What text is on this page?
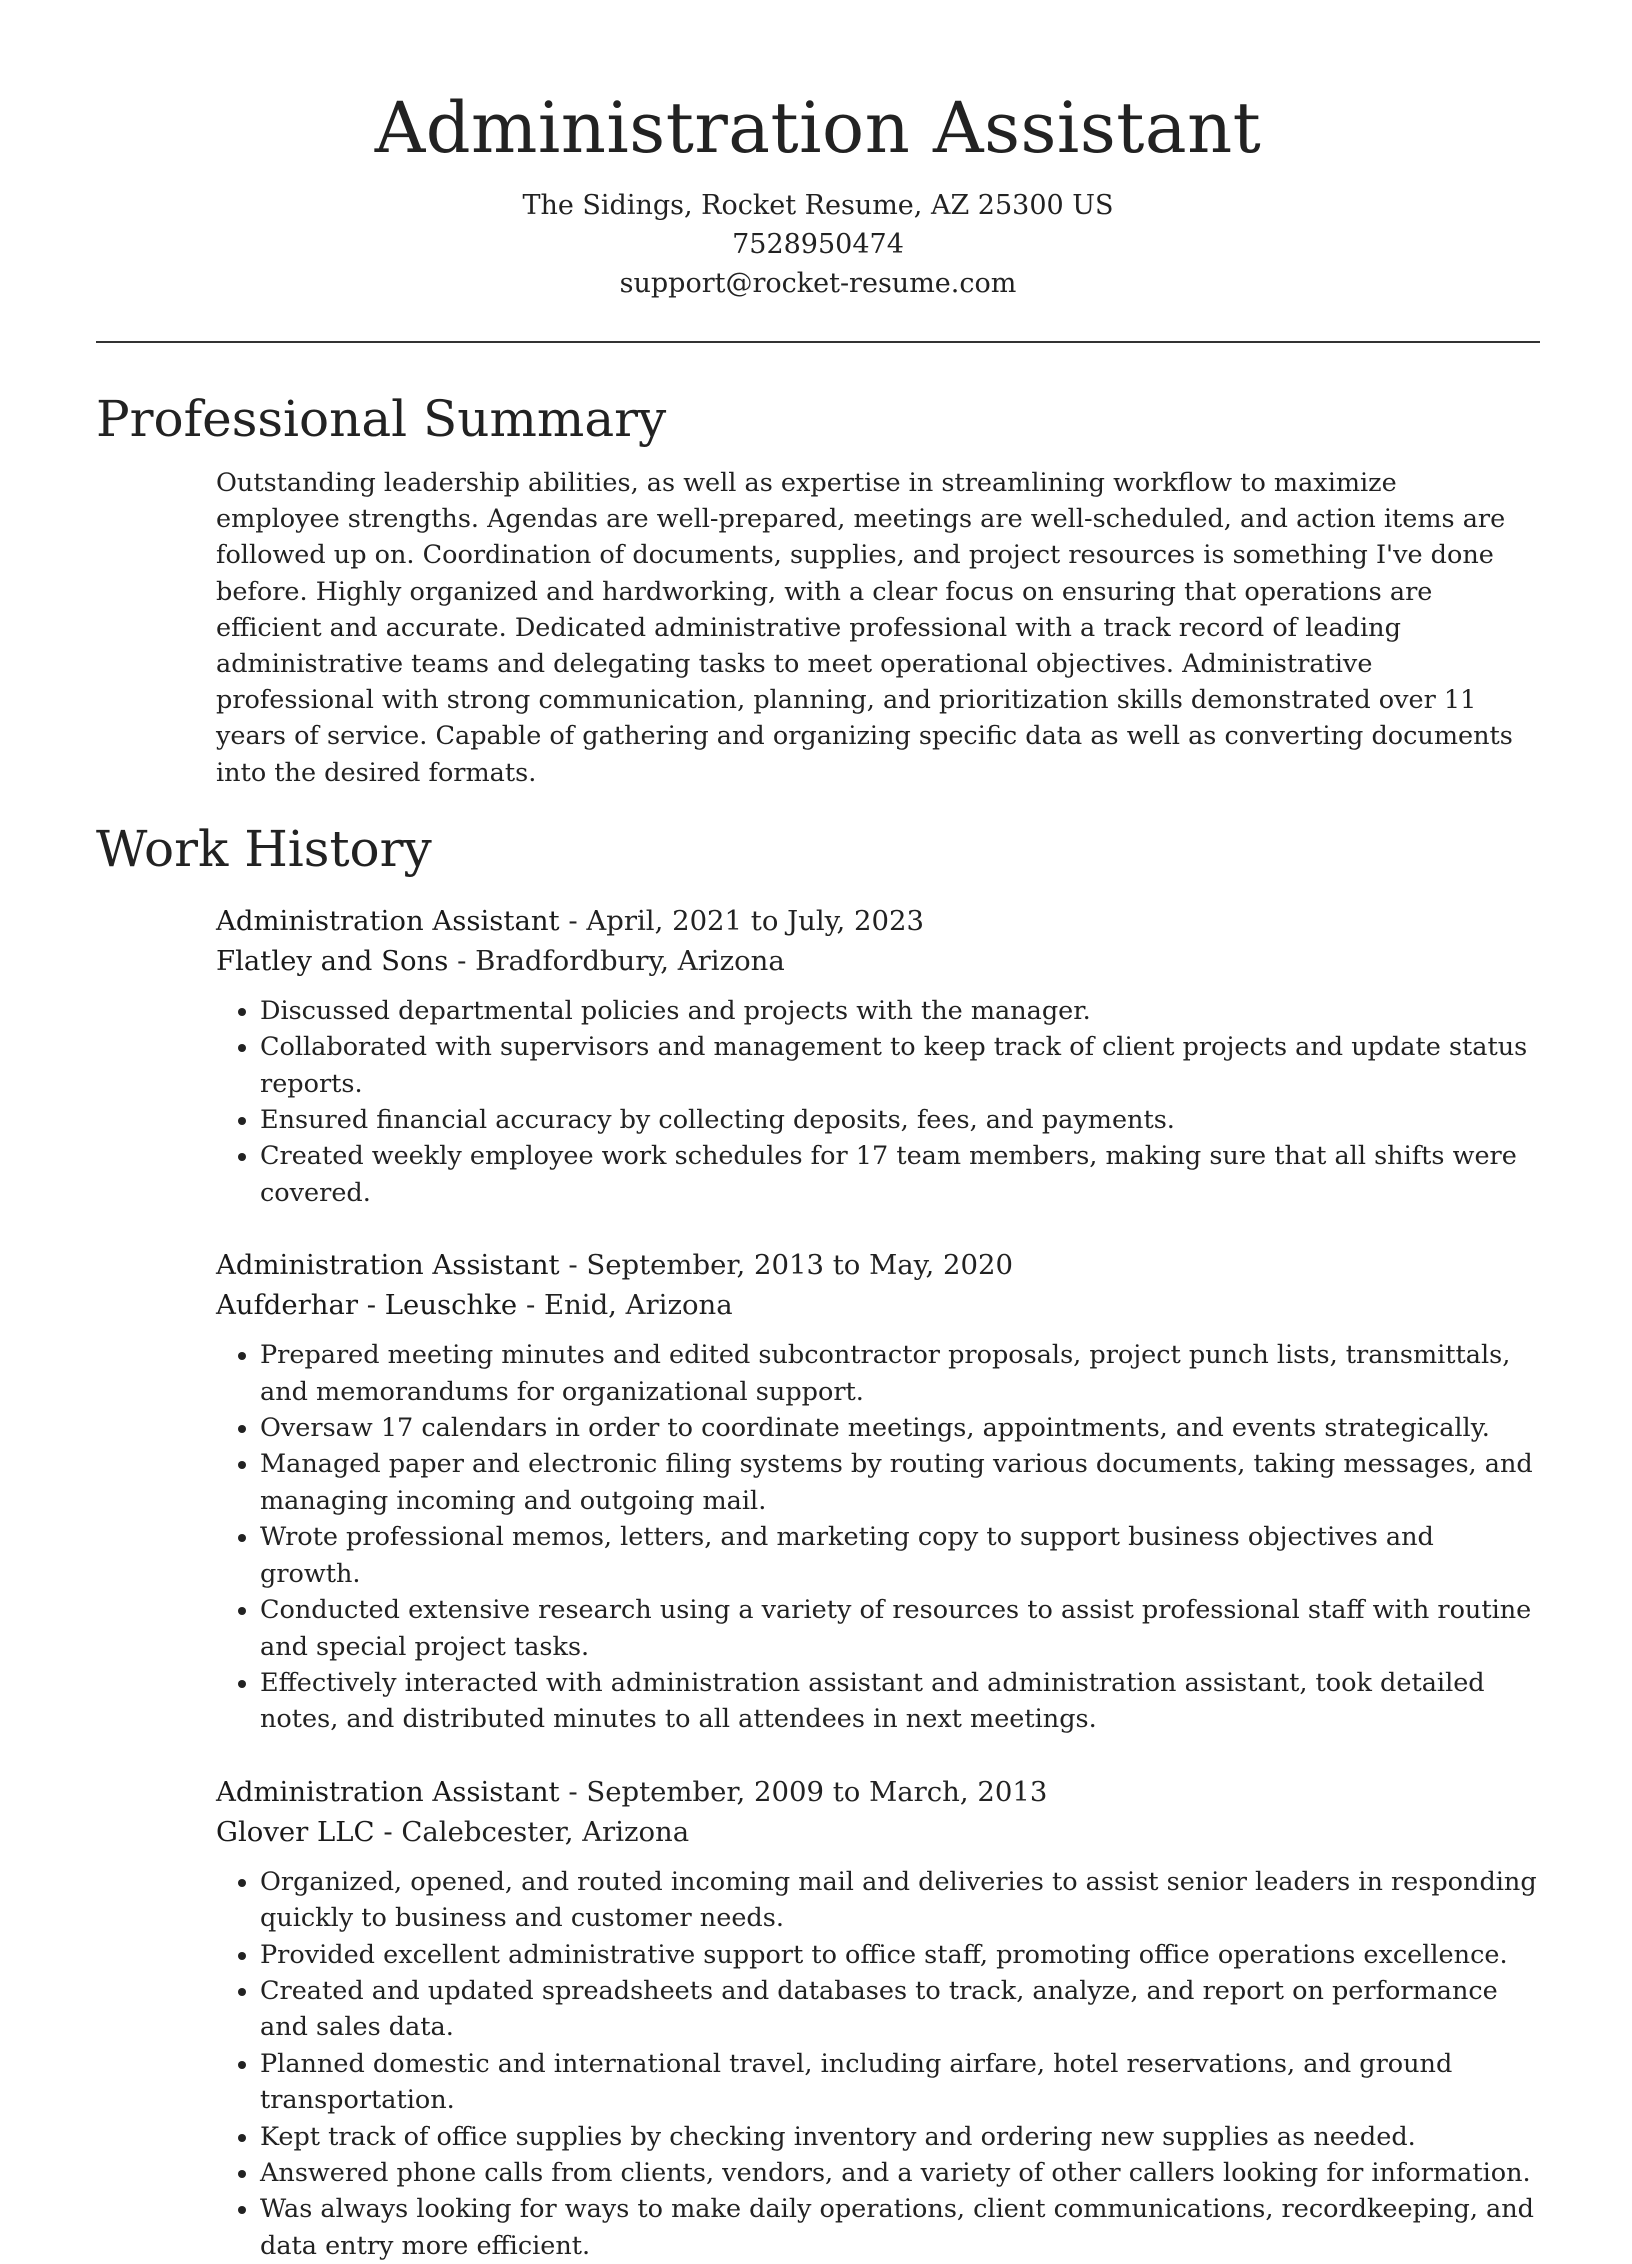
Administration Assistant

The Sidings, Rocket Resume, AZ 25300 US

7528950474

support@rocket-resume.com

Professional Summary

Outstanding leadership abilities, as well as expertise in streamlining workflow to maximize employee strengths. Agendas are well-prepared, meetings are well-scheduled, and action items are followed up on. Coordination of documents, supplies, and project resources is something I've done before. Highly organized and hardworking, with a clear focus on ensuring that operations are efficient and accurate. Dedicated administrative professional with a track record of leading administrative teams and delegating tasks to meet operational objectives. Administrative professional with strong communication, planning, and prioritization skills demonstrated over 11 years of service. Capable of gathering and organizing specific data as well as converting documents into the desired formats.

Work History

Administration Assistant - April, 2021 to July, 2023

Flatley and Sons - Bradfordbury, Arizona

• Discussed departmental policies and projects with the manager.
• Collaborated with supervisors and management to keep track of client projects and update status reports.
• Ensured financial accuracy by collecting deposits, fees, and payments.
• Created weekly employee work schedules for 17 team members, making sure that all shifts were covered.

Administration Assistant - September, 2013 to May, 2020

Aufderhar - Leuschke - Enid, Arizona

• Prepared meeting minutes and edited subcontractor proposals, project punch lists, transmittals, and memorandums for organizational support.
• Oversaw 17 calendars in order to coordinate meetings, appointments, and events strategically.
• Managed paper and electronic filing systems by routing various documents, taking messages, and managing incoming and outgoing mail.
• Wrote professional memos, letters, and marketing copy to support business objectives and growth.
• Conducted extensive research using a variety of resources to assist professional staff with routine and special project tasks.
• Effectively interacted with administration assistant and administration assistant, took detailed notes, and distributed minutes to all attendees in next meetings.

Administration Assistant - September, 2009 to March, 2013

Glover LLC - Calebcester, Arizona

• Organized, opened, and routed incoming mail and deliveries to assist senior leaders in responding quickly to business and customer needs.
• Provided excellent administrative support to office staff, promoting office operations excellence.
• Created and updated spreadsheets and databases to track, analyze, and report on performance and sales data.
• Planned domestic and international travel, including airfare, hotel reservations, and ground transportation.
• Kept track of office supplies by checking inventory and ordering new supplies as needed.
• Answered phone calls from clients, vendors, and a variety of other callers looking for information.
• Was always looking for ways to make daily operations, client communications, recordkeeping, and data entry more efficient.
